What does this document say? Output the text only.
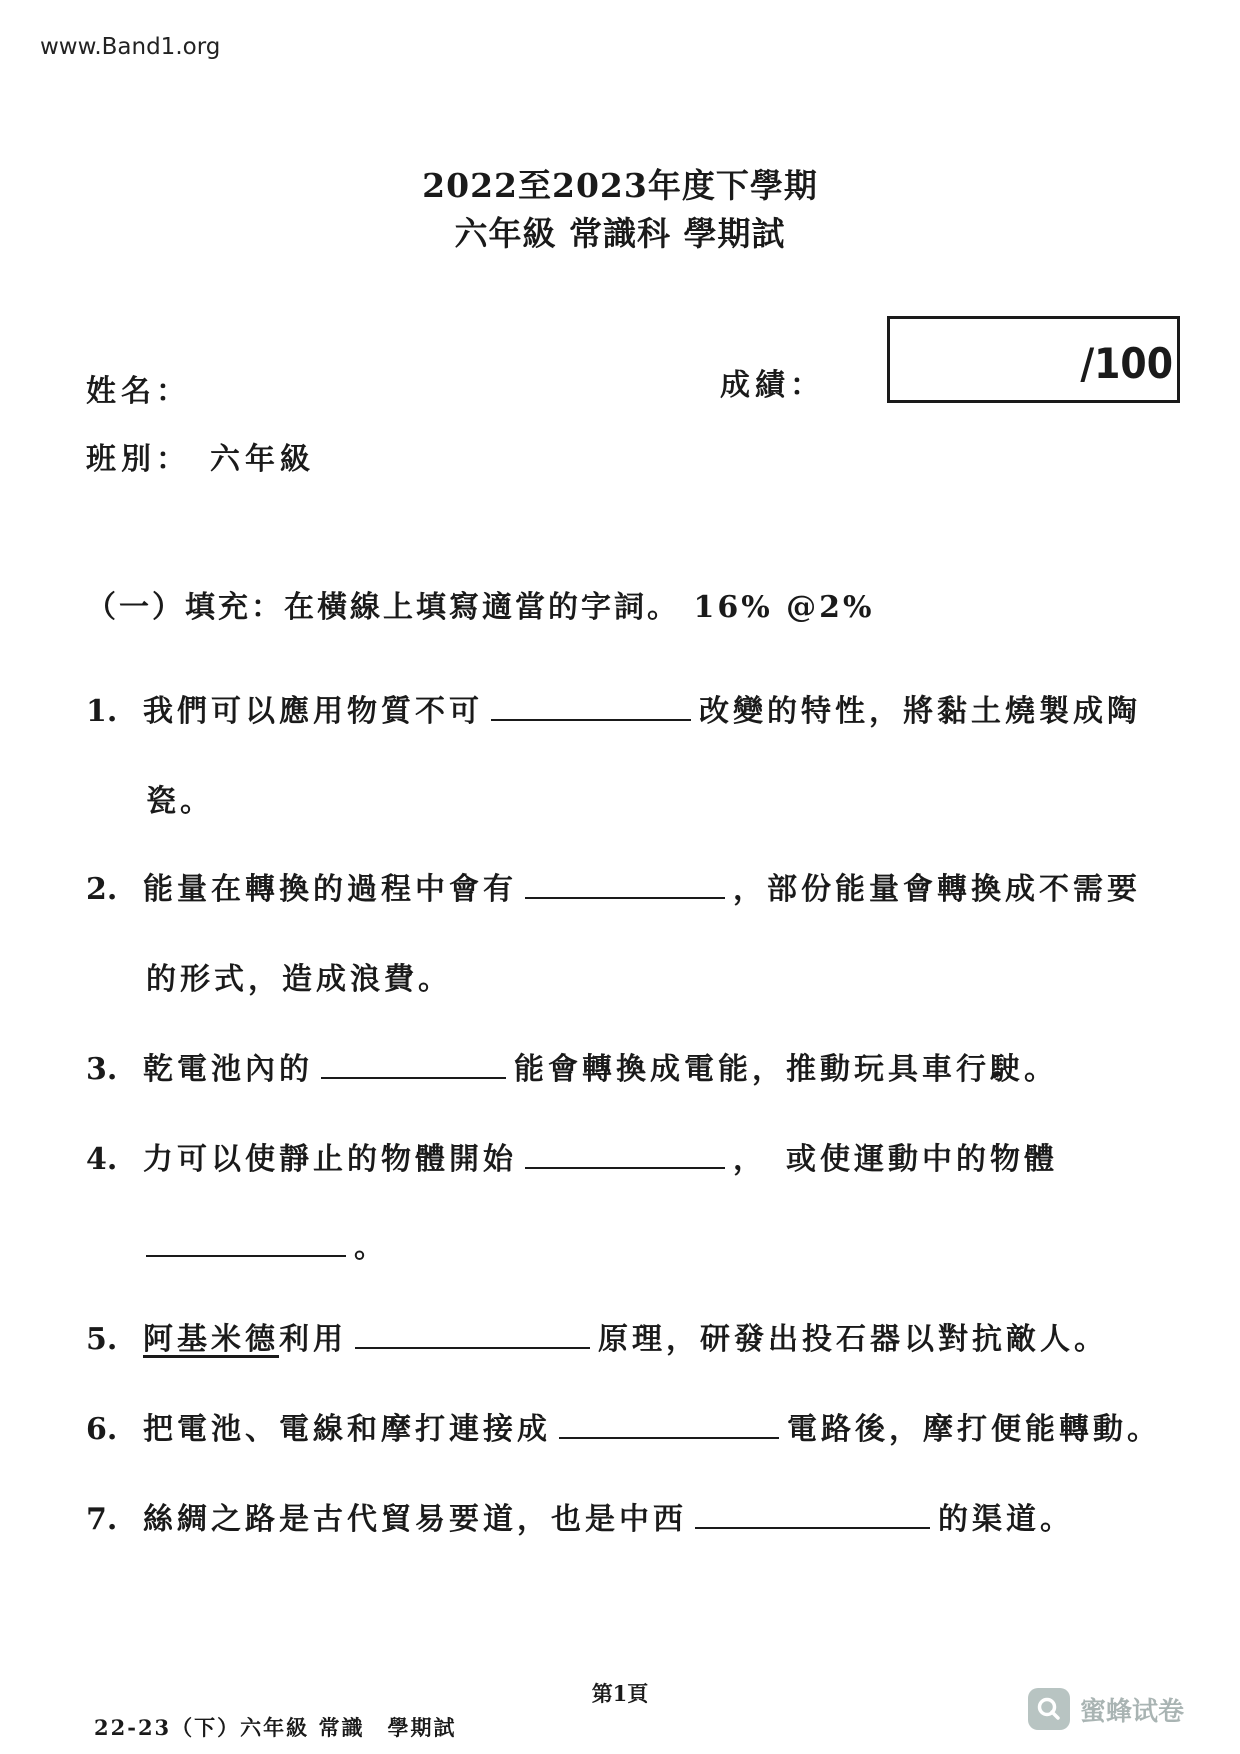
www.Band1.org
2022至2023年度下學期
六年級 常識科 學期試
姓名：	成績：	/100
班別： 六年級
（一）填充：在橫線上填寫適當的字詞。 16% @2%
1. 我們可以應用物質不可	改變的特性，將黏土燒製成陶
瓷。
2. 能量在轉換的過程中會有	，部份能量會轉換成不需要
的形式，造成浪費。
3. 乾電池內的	能會轉換成電能，推動玩具車行駛。
4. 力可以使靜止的物體開始	，　或使運動中的物體
。
5. 阿基米德利用	原理，研發出投石器以對抗敵人。
6. 把電池、電線和摩打連接成	電路後，摩打便能轉動。
7. 絲綢之路是古代貿易要道，也是中西	的渠道。
第1頁
22-23（下）六年級 常識　學期試
蜜蜂试卷
